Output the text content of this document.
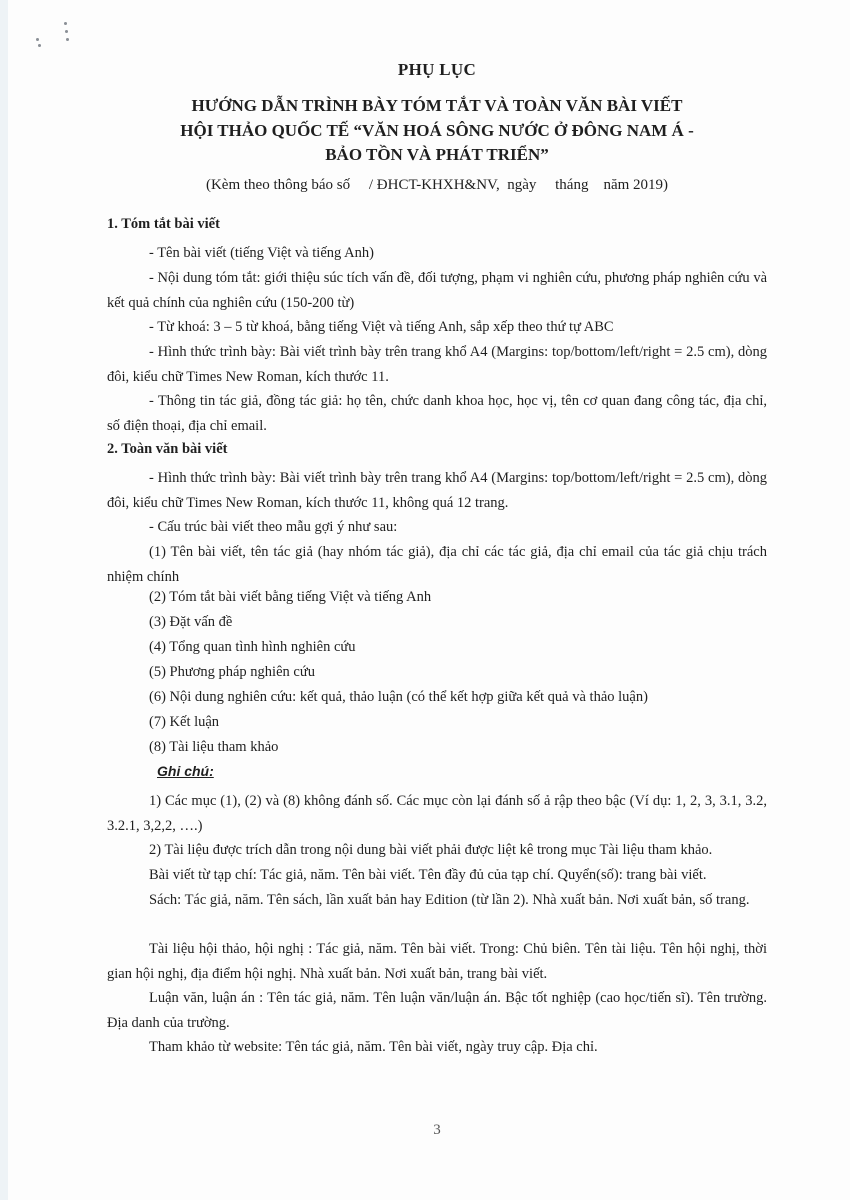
PHỤ LỤC
HƯỚNG DẪN TRÌNH BÀY TÓM TẮT VÀ TOÀN VĂN BÀI VIẾT
HỘI THẢO QUỐC TẾ “VĂN HOÁ SÔNG NƯỚC Ở ĐÔNG NAM Á -
BẢO TỒN VÀ PHÁT TRIỂN”
(Kèm theo thông báo số     / ĐHCT-KHXH&NV,  ngày     tháng    năm 2019)
1. Tóm tắt bài viết
- Tên bài viết (tiếng Việt và tiếng Anh)
- Nội dung tóm tắt: giới thiệu súc tích vấn đề, đối tượng, phạm vi nghiên cứu, phương pháp nghiên cứu và kết quả chính của nghiên cứu (150-200 từ)
- Từ khoá: 3 – 5 từ khoá, bằng tiếng Việt và tiếng Anh, sắp xếp theo thứ tự ABC
- Hình thức trình bày: Bài viết trình bày trên trang khổ A4 (Margins: top/bottom/left/right = 2.5 cm), dòng đôi, kiểu chữ Times New Roman, kích thước 11.
- Thông tin tác giả, đồng tác giả: họ tên, chức danh khoa học, học vị, tên cơ quan đang công tác, địa chỉ, số điện thoại, địa chỉ email.
2. Toàn văn bài viết
- Hình thức trình bày: Bài viết trình bày trên trang khổ A4 (Margins: top/bottom/left/right = 2.5 cm), dòng đôi, kiểu chữ Times New Roman, kích thước 11, không quá 12 trang.
- Cấu trúc bài viết theo mẫu gợi ý như sau:
(1) Tên bài viết, tên tác giả (hay nhóm tác giả), địa chỉ các tác giả, địa chỉ email của tác giả chịu trách nhiệm chính
(2) Tóm tắt bài viết bằng tiếng Việt và tiếng Anh
(3) Đặt vấn đề
(4) Tổng quan tình hình nghiên cứu
(5) Phương pháp nghiên cứu
(6) Nội dung nghiên cứu: kết quả, thảo luận (có thể kết hợp giữa kết quả và thảo luận)
(7) Kết luận
(8) Tài liệu tham khảo
Ghi chú:
1) Các mục (1), (2) và (8) không đánh số. Các mục còn lại đánh số ả rập theo bậc (Ví dụ: 1, 2, 3, 3.1, 3.2, 3.2.1, 3,2,2, ….)
2) Tài liệu được trích dẫn trong nội dung bài viết phải được liệt kê trong mục Tài liệu tham khảo.
Bài viết từ tạp chí: Tác giả, năm. Tên bài viết. Tên đầy đủ của tạp chí. Quyển(số): trang bài viết.
Sách: Tác giả, năm. Tên sách, lần xuất bản hay Edition (từ lần 2). Nhà xuất bản. Nơi xuất bản, số trang.
Tài liệu hội thảo, hội nghị : Tác giả, năm. Tên bài viết. Trong: Chủ biên. Tên tài liệu. Tên hội nghị, thời gian hội nghị, địa điểm hội nghị. Nhà xuất bản. Nơi xuất bản, trang bài viết.
Luận văn, luận án : Tên tác giả, năm. Tên luận văn/luận án. Bậc tốt nghiệp (cao học/tiến sĩ). Tên trường. Địa danh của trường.
Tham khảo từ website: Tên tác giả, năm. Tên bài viết, ngày truy cập. Địa chỉ.
3
